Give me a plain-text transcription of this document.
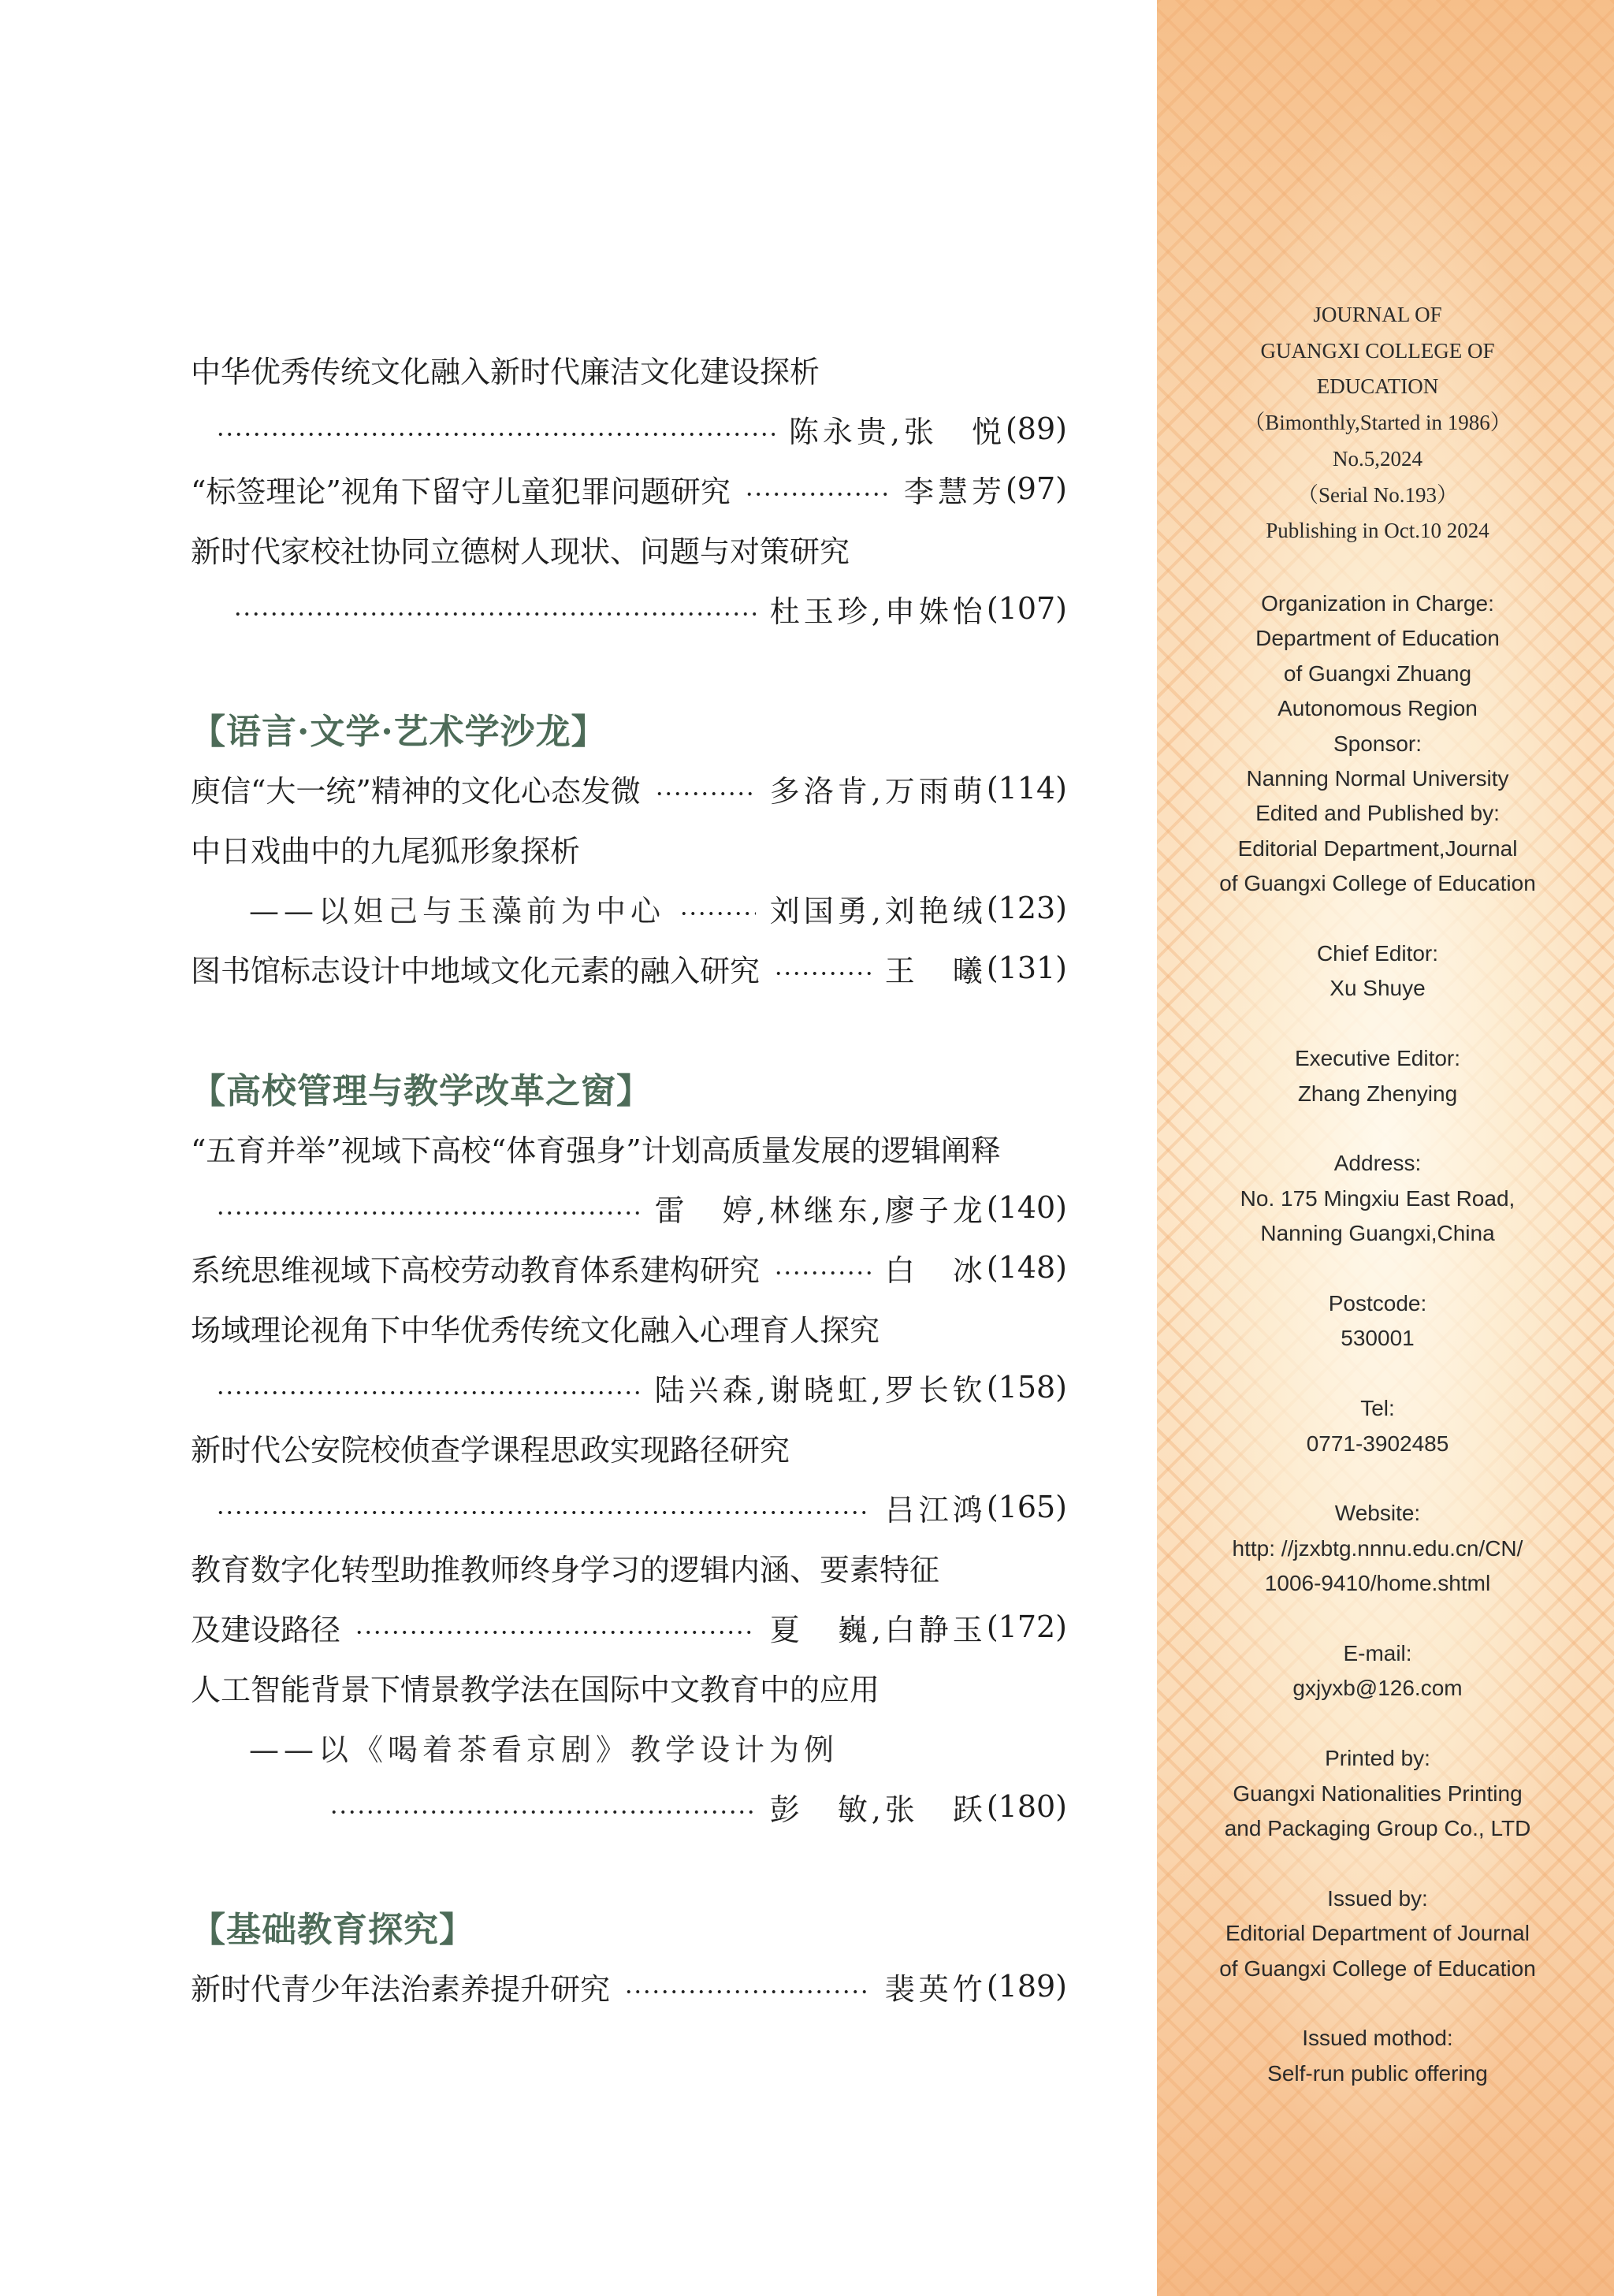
中华优秀传统文化融入新时代廉洁文化建设探析
陈永贵,张　悦 (89)
“标签理论”视角下留守儿童犯罪问题研究	李慧芳 (97)
新时代家校社协同立德树人现状、问题与对策研究
杜玉珍,申姝怡 (107)
【语言·文学·艺术学沙龙】
庾信“大一统”精神的文化心态发微	多洛肯,万雨萌 (114)
中日戏曲中的九尾狐形象探析
——以妲己与玉藻前为中心	刘国勇,刘艳绒 (123)
图书馆标志设计中地域文化元素的融入研究	王　曦 (131)
【高校管理与教学改革之窗】
“五育并举”视域下高校“体育强身”计划高质量发展的逻辑阐释
雷　婷,林继东,廖子龙 (140)
系统思维视域下高校劳动教育体系建构研究	白　冰 (148)
场域理论视角下中华优秀传统文化融入心理育人探究
陆兴森,谢晓虹,罗长钦 (158)
新时代公安院校侦查学课程思政实现路径研究
吕江鸿 (165)
教育数字化转型助推教师终身学习的逻辑内涵、要素特征
及建设路径	夏　巍,白静玉 (172)
人工智能背景下情景教学法在国际中文教育中的应用
——以《喝着茶看京剧》教学设计为例
彭　敏,张　跃 (180)
【基础教育探究】
新时代青少年法治素养提升研究	裴英竹 (189)
JOURNAL OF
GUANGXI COLLEGE OF
EDUCATION
（Bimonthly,Started in 1986）
No.5,2024
（Serial No.193）
Publishing in Oct.10 2024
Organization in Charge:
Department of Education
of Guangxi Zhuang
Autonomous Region
Sponsor:
Nanning Normal University
Edited and Published by:
Editorial Department,Journal
of Guangxi College of Education
Chief Editor:
Xu Shuye
Executive Editor:
Zhang Zhenying
Address:
No. 175 Mingxiu East Road,
Nanning Guangxi,China
Postcode:
530001
Tel:
0771-3902485
Website:
http: //jzxbtg.nnnu.edu.cn/CN/
1006-9410/home.shtml
E-mail:
gxjyxb@126.com
Printed by:
Guangxi Nationalities Printing
and Packaging Group Co., LTD
Issued by:
Editorial Department of Journal
of Guangxi College of Education
Issued mothod:
Self-run public offering
